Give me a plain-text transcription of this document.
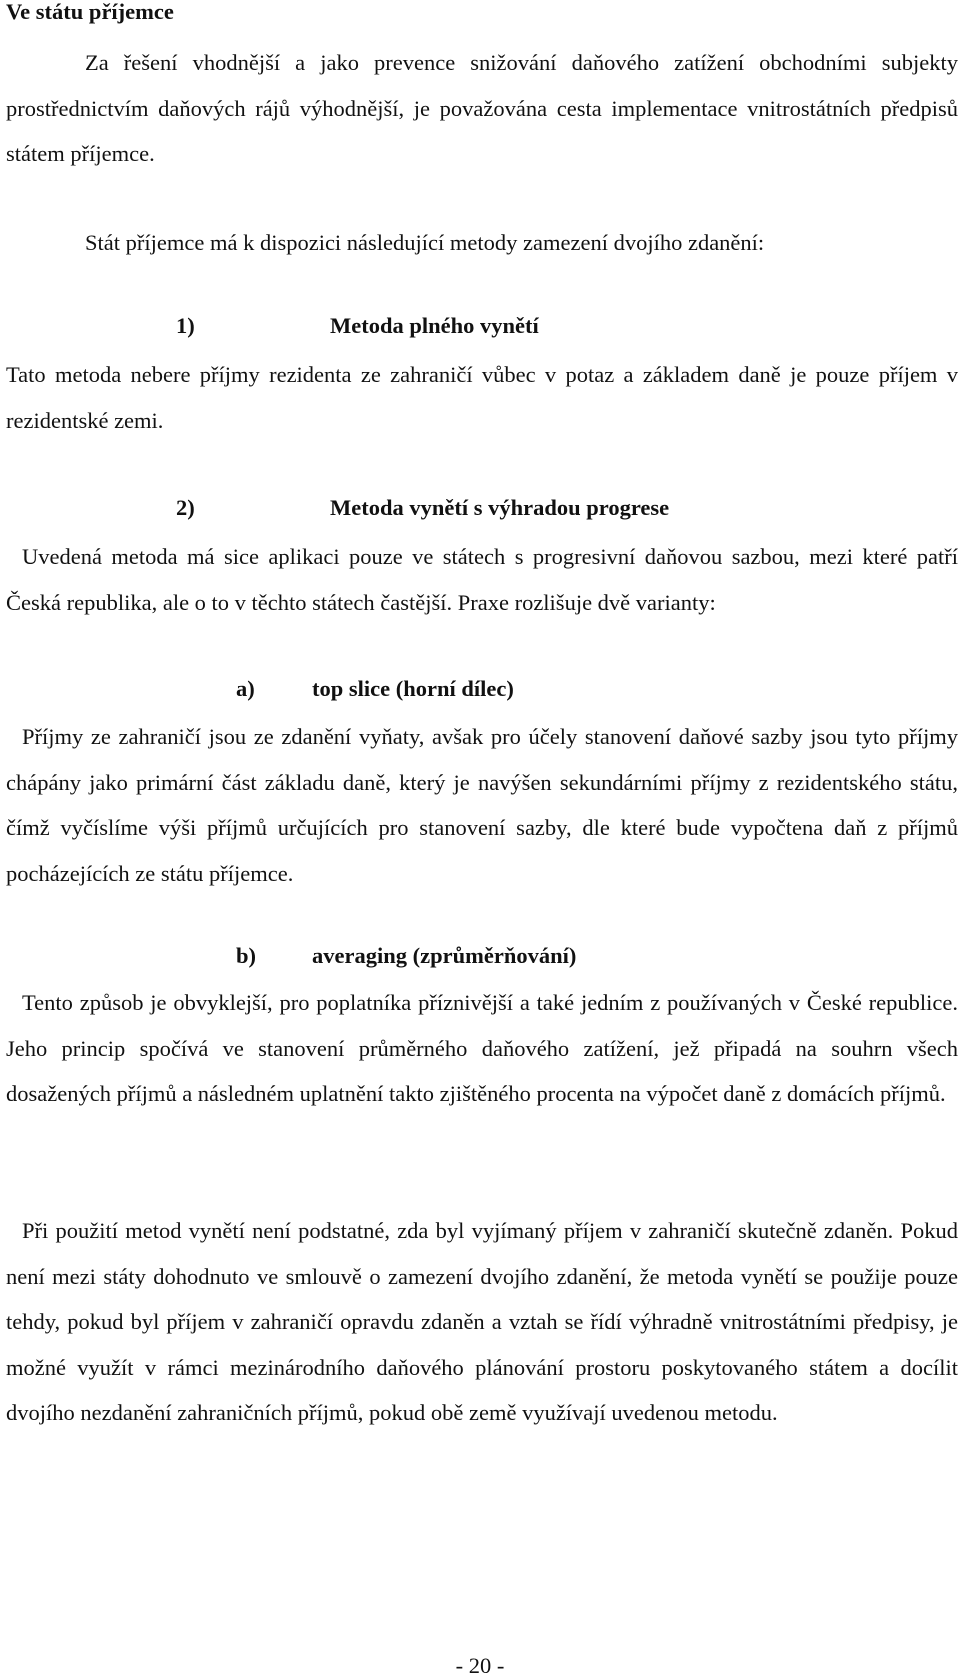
Ve státu příjemce

Za řešení vhodnější a jako prevence snižování daňového zatížení obchodními subjekty prostřednictvím daňových rájů výhodnější, je považována cesta implementace vnitrostátních předpisů státem příjemce.

Stát příjemce má k dispozici následující metody zamezení dvojího zdanění:

1)	Metoda plného vynětí

Tato metoda nebere příjmy rezidenta ze zahraničí vůbec v potaz a základem daně je pouze příjem v rezidentské zemi.

2)	Metoda vynětí s výhradou progrese

Uvedená metoda má sice aplikaci pouze ve státech s progresivní daňovou sazbou, mezi které patří Česká republika, ale o to v těchto státech častější. Praxe rozlišuje dvě varianty:

a)	top slice (horní dílec)

Příjmy ze zahraničí jsou ze zdanění vyňaty, avšak pro účely stanovení daňové sazby jsou tyto příjmy chápány jako primární část základu daně, který je navýšen sekundárními příjmy z rezidentského státu, čímž vyčíslíme výši příjmů určujících pro stanovení sazby, dle které bude vypočtena daň z příjmů pocházejících ze státu příjemce.

b) averaging (zprůměrňování)

Tento způsob je obvyklejší, pro poplatníka příznivější a také jedním z používaných v České republice. Jeho princip spočívá ve stanovení průměrného daňového zatížení, jež připadá na souhrn všech dosažených příjmů a následném uplatnění takto zjištěného procenta na výpočet daně z domácích příjmů.

Při použití metod vynětí není podstatné, zda byl vyjímaný příjem v zahraničí skutečně zdaněn. Pokud není mezi státy dohodnuto ve smlouvě o zamezení dvojího zdanění, že metoda vynětí se použije pouze tehdy, pokud byl příjem v zahraničí opravdu zdaněn a vztah se řídí výhradně vnitrostátními předpisy, je možné využít v rámci mezinárodního daňového plánování prostoru poskytovaného státem a docílit dvojího nezdanění zahraničních příjmů, pokud obě země využívají uvedenou metodu.

- 20 -
